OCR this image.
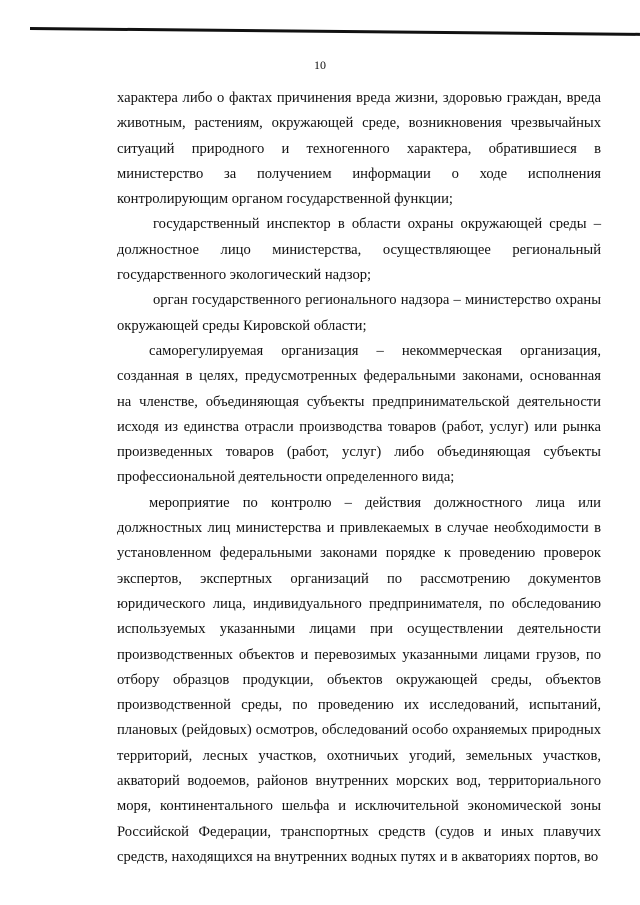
10

характера либо о фактах причинения вреда жизни, здоровью граждан, вреда животным, растениям, окружающей среде, возникновения чрезвычайных ситуаций природного и техногенного характера, обратившиеся в министерство за получением информации о ходе исполнения контролирующим органом государственной функции;

государственный инспектор в области охраны окружающей среды – должностное лицо министерства, осуществляющее региональный государственного экологический надзор;

орган государственного регионального надзора – министерство охраны окружающей среды Кировской области;

саморегулируемая организация – некоммерческая организация, созданная в целях, предусмотренных федеральными законами, основанная на членстве, объединяющая субъекты предпринимательской деятельности исходя из единства отрасли производства товаров (работ, услуг) или рынка произведенных товаров (работ, услуг) либо объединяющая субъекты профессиональной деятельности определенного вида;

мероприятие по контролю – действия должностного лица или должностных лиц министерства и привлекаемых в случае необходимости в установленном федеральными законами порядке к проведению проверок экспертов, экспертных организаций по рассмотрению документов юридического лица, индивидуального предпринимателя, по обследованию используемых указанными лицами при осуществлении деятельности производственных объектов и перевозимых указанными лицами грузов, по отбору образцов продукции, объектов окружающей среды, объектов производственной среды, по проведению их исследований, испытаний, плановых (рейдовых) осмотров, обследований особо охраняемых природных территорий, лесных участков, охотничьих угодий, земельных участков, акваторий водоемов, районов внутренних морских вод, территориального моря, континентального шельфа и исключительной экономической зоны Российской Федерации, транспортных средств (судов и иных плавучих средств, находящихся на внутренних водных путях и в акваториях портов, во
